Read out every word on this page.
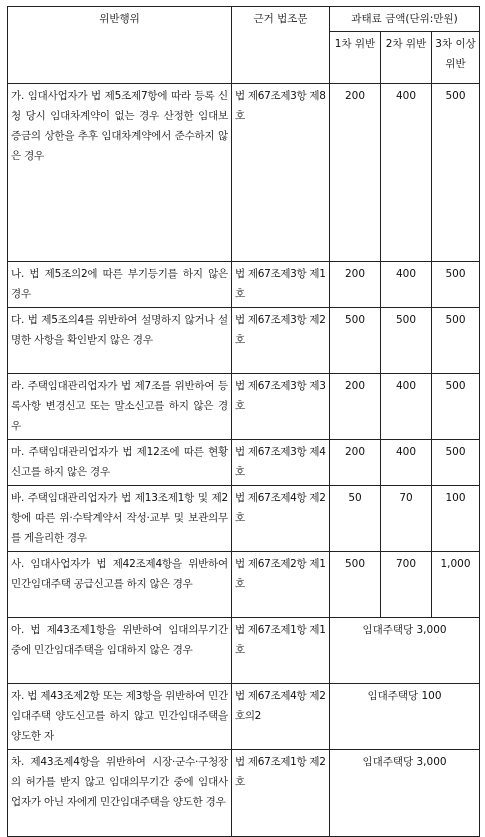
위반행위	근거 법조문	과태료 금액(단위:만원)		
		1차 위반	2차 위반	3차 이상 위반
가. 임대사업자가 법 제5조제7항에 따라 등록 신청 당시 임대차계약이 없는 경우 산정한 임대보증금의 상한을 추후 임대차계약에서 준수하지 않은 경우	법 제67조제3항 제8호	200	400	500
나. 법 제5조의2에 따른 부기등기를 하지 않은 경우	법 제67조제3항 제1호	200	400	500
다. 법 제5조의4를 위반하여 설명하지 않거나 설명한 사항을 확인받지 않은 경우	법 제67조제3항 제2호	500	500	500
라. 주택임대관리업자가 법 제7조를 위반하여 등록사항 변경신고 또는 말소신고를 하지 않은 경우	법 제67조제3항 제3호	200	400	500
마. 주택임대관리업자가 법 제12조에 따른 현황 신고를 하지 않은 경우	법 제67조제3항 제4호	200	400	500
바. 주택임대관리업자가 법 제13조제1항 및 제2항에 따른 위·수탁계약서 작성·교부 및 보관의무를 게을리한 경우	법 제67조제4항 제2호	50	70	100
사. 임대사업자가 법 제42조제4항을 위반하여 민간임대주택 공급신고를 하지 않은 경우	법 제67조제2항 제1호	500	700	1,000
아. 법 제43조제1항을 위반하여 임대의무기간 중에 민간임대주택을 임대하지 않은 경우	법 제67조제1항 제1호	임대주택당 3,000		
자. 법 제43조제2항 또는 제3항을 위반하여 민간임대주택 양도신고를 하지 않고 민간임대주택을 양도한 자	법 제67조제4항 제2호의2	임대주택당 100		
차. 제43조제4항을 위반하여 시장·군수·구청장의 허가를 받지 않고 임대의무기간 중에 임대사업자가 아닌 자에게 민간임대주택을 양도한 경우	법 제67조제1항 제2호	임대주택당 3,000		
